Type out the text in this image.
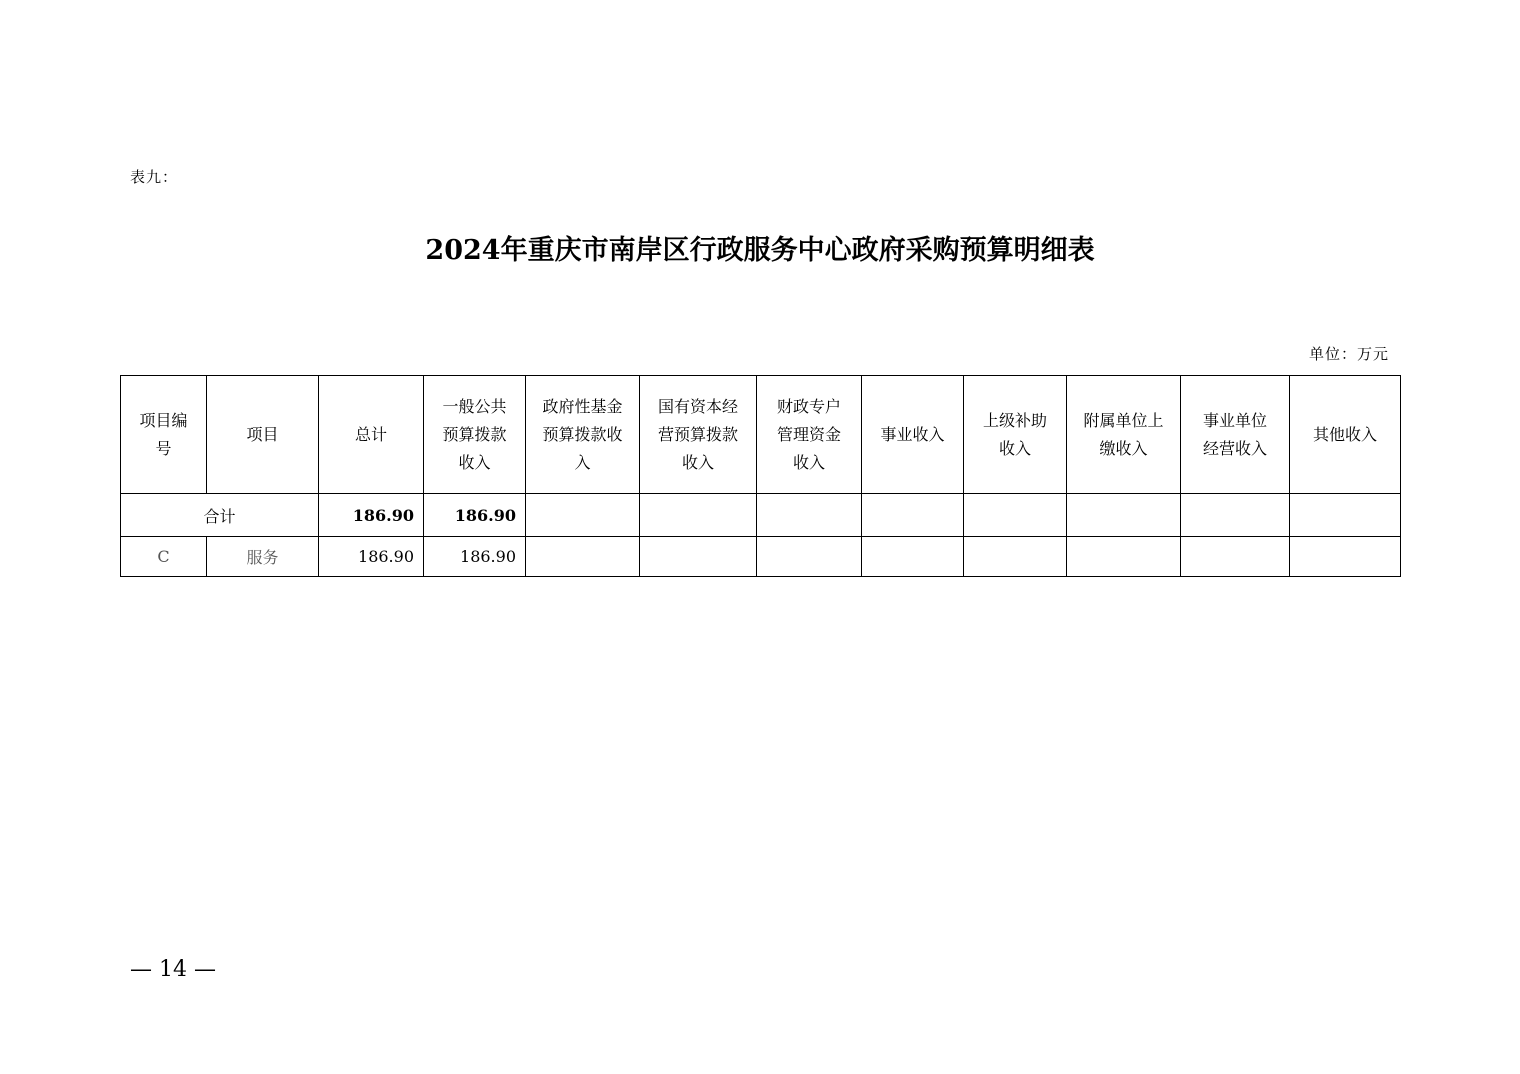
表九：
2024年重庆市南岸区行政服务中心政府采购预算明细表
单位：万元
项目编号	项目	总计	一般公共预算拨款收入	政府性基金预算拨款收入	国有资本经营预算拨款收入	财政专户管理资金收入	事业收入	上级补助收入	附属单位上缴收入	事业单位经营收入	其他收入
合计		186.90	186.90								
C	服务	186.90	186.90								
— 14 —
